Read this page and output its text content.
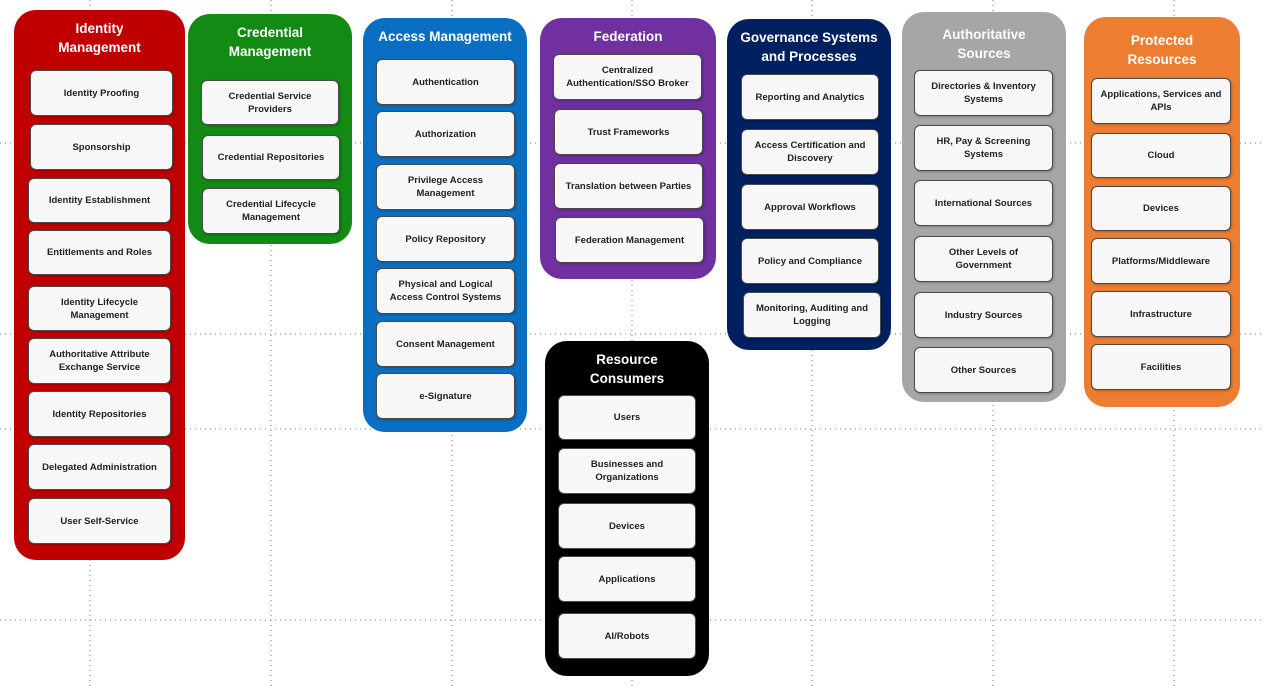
Identity Management
Identity Proofing
Sponsorship
Identity Establishment
Entitlements and Roles
Identity Lifecycle Management
Authoritative Attribute Exchange Service
Identity Repositories
Delegated Administration
User Self-Service
Credential Management
Credential Service Providers
Credential Repositories
Credential Lifecycle Management
Access Management
Authentication
Authorization
Privilege Access Management
Policy Repository
Physical and Logical Access Control Systems
Consent Management
e-Signature
Federation
Centralized Authentication/SSO Broker
Trust Frameworks
Translation between Parties
Federation Management
Resource Consumers
Users
Businesses and Organizations
Devices
Applications
AI/Robots
Governance Systems and Processes
Reporting and Analytics
Access Certification and Discovery
Approval Workflows
Policy and Compliance
Monitoring, Auditing and Logging
Authoritative Sources
Directories & Inventory Systems
HR, Pay & Screening Systems
International Sources
Other Levels of Government
Industry Sources
Other Sources
Protected Resources
Applications, Services and APIs
Cloud
Devices
Platforms/Middleware
Infrastructure
Facilities
